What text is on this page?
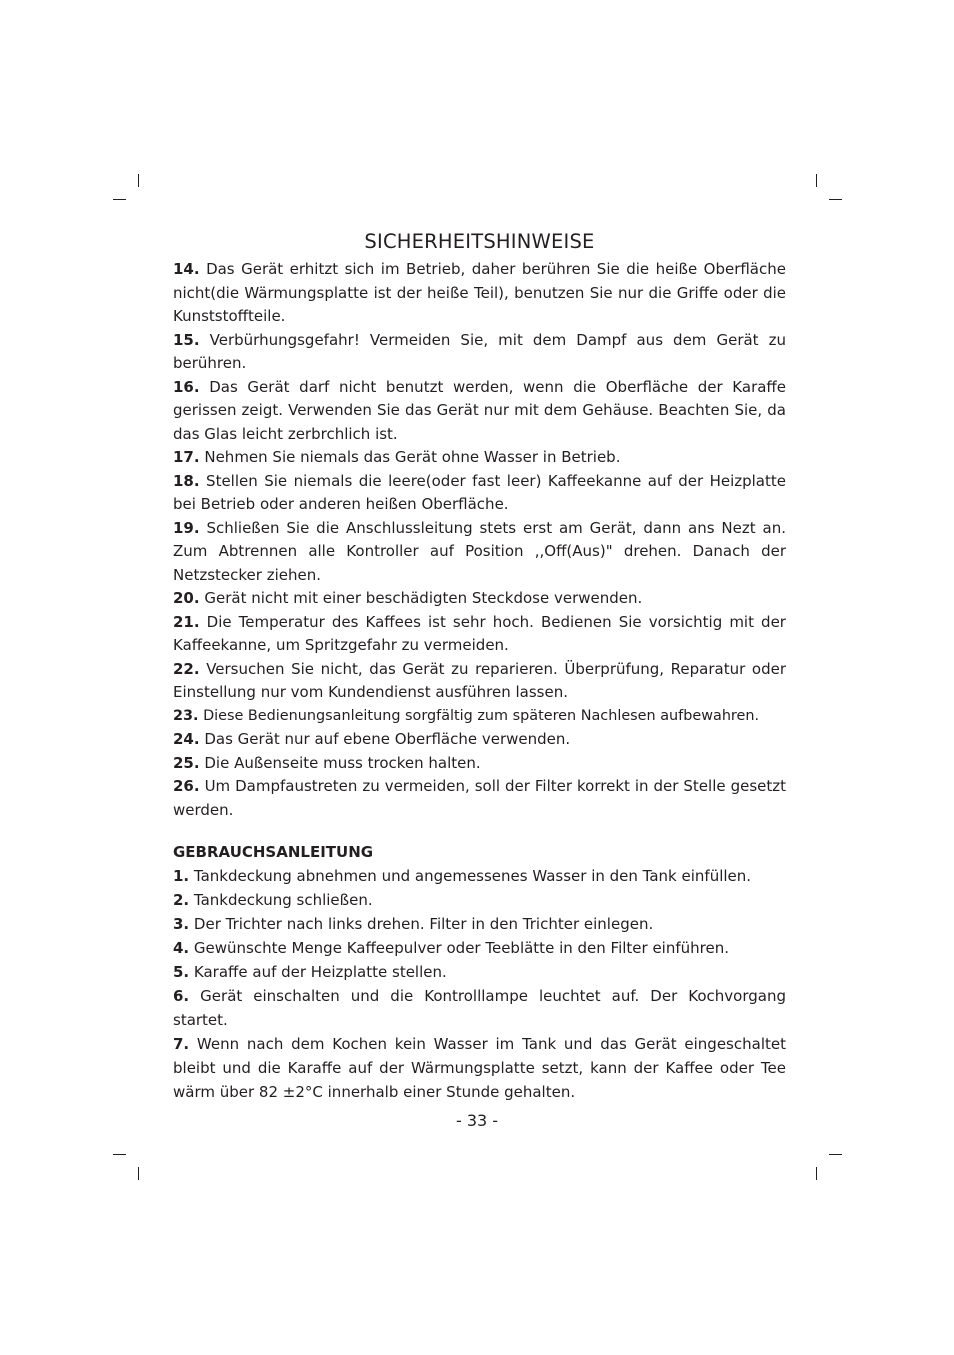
SICHERHEITSHINWEISE

14. Das Gerät erhitzt sich im Betrieb, daher berühren Sie die heiße Oberfläche nicht(die Wärmungsplatte ist der heiße Teil), benutzen Sie nur die Griffe oder die Kunststoffteile.

15. Verbürhungsgefahr! Vermeiden Sie, mit dem Dampf aus dem Gerät zu berühren.

16. Das Gerät darf nicht benutzt werden, wenn die Oberfläche der Karaffe gerissen zeigt. Verwenden Sie das Gerät nur mit dem Gehäuse. Beachten Sie, da das Glas leicht zerbrchlich ist.

17. Nehmen Sie niemals das Gerät ohne Wasser in Betrieb.

18. Stellen Sie niemals die leere(oder fast leer) Kaffeekanne auf der Heizplatte bei Betrieb oder anderen heißen Oberfläche.

19. Schließen Sie die Anschlussleitung stets erst am Gerät, dann ans Nezt an. Zum Abtrennen alle Kontroller auf Position ,,Off(Aus)" drehen. Danach der Netzstecker ziehen.

20. Gerät nicht mit einer beschädigten Steckdose verwenden.

21. Die Temperatur des Kaffees ist sehr hoch. Bedienen Sie vorsichtig mit der Kaffeekanne, um Spritzgefahr zu vermeiden.

22. Versuchen Sie nicht, das Gerät zu reparieren. Überprüfung, Reparatur oder Einstellung nur vom Kundendienst ausführen lassen.

23. Diese Bedienungsanleitung sorgfältig zum späteren Nachlesen aufbewahren.

24. Das Gerät nur auf ebene Oberfläche verwenden.

25. Die Außenseite muss trocken halten.

26. Um Dampfaustreten zu vermeiden, soll der Filter korrekt in der Stelle gesetzt werden.

GEBRAUCHSANLEITUNG

1. Tankdeckung abnehmen und angemessenes Wasser in den Tank einfüllen.

2. Tankdeckung schließen.

3. Der Trichter nach links drehen. Filter in den Trichter einlegen.

4. Gewünschte Menge Kaffeepulver oder Teeblätte in den Filter einführen.

5. Karaffe auf der Heizplatte stellen.

6. Gerät einschalten und die Kontrolllampe leuchtet auf. Der Kochvorgang startet.

7. Wenn nach dem Kochen kein Wasser im Tank und das Gerät eingeschaltet bleibt und die Karaffe auf der Wärmungsplatte setzt, kann der Kaffee oder Tee wärm über 82 ±2°C innerhalb einer Stunde gehalten.

- 33 -
